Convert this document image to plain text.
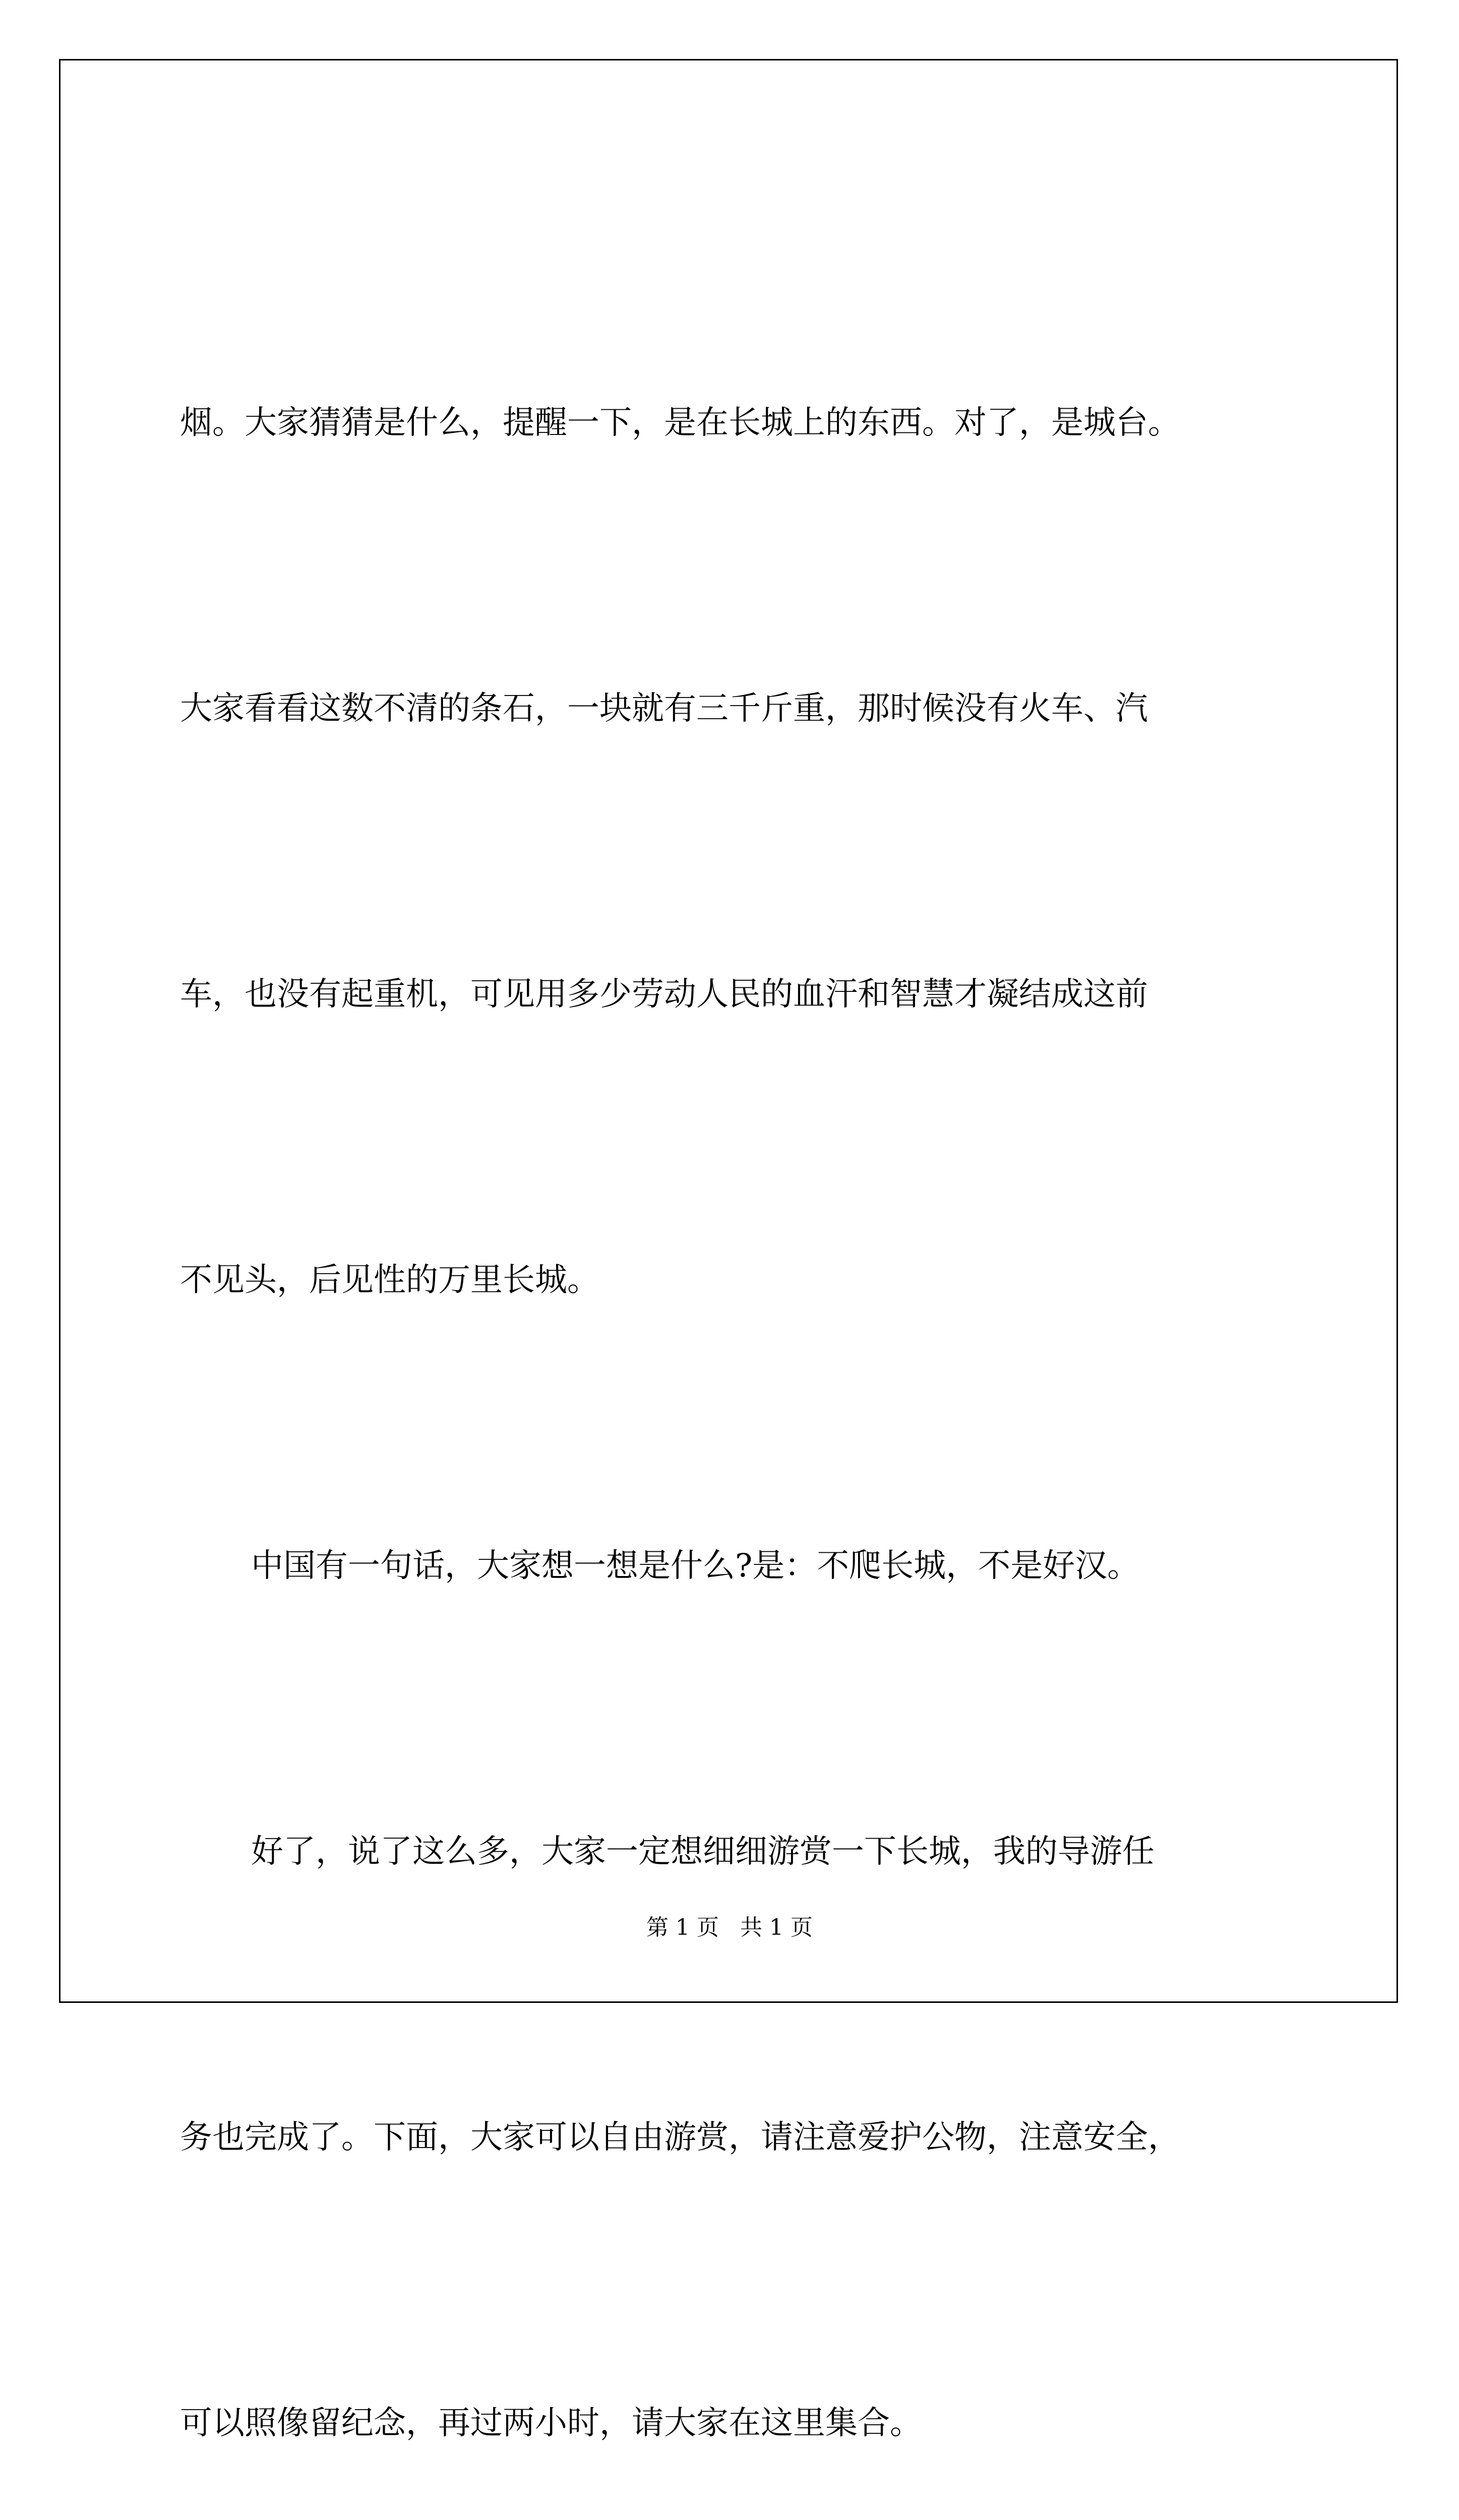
烟。大家猜猜是什么，提醒一下，是在长城上的东西。对了，是城台。

大家看看这数不清的条石，一块就有三千斤重，那时候没有火车、汽

车，也没有起重机，可见用多少劳动人民的血汗和智慧才凝结成这前

不见头，后见性的万里长城。

中国有一句话，大家想一想是什么?是：不爬长城，不是好汉。

好了，说了这么多，大家一定想细细游赏一下长城，我的导游任

务也完成了。下面，大家可以自由游赏，请注意爱护公物，注意安全，

可以照像留纪念，再过两小时，请大家在这里集合。

第 1 页   共 1 页
